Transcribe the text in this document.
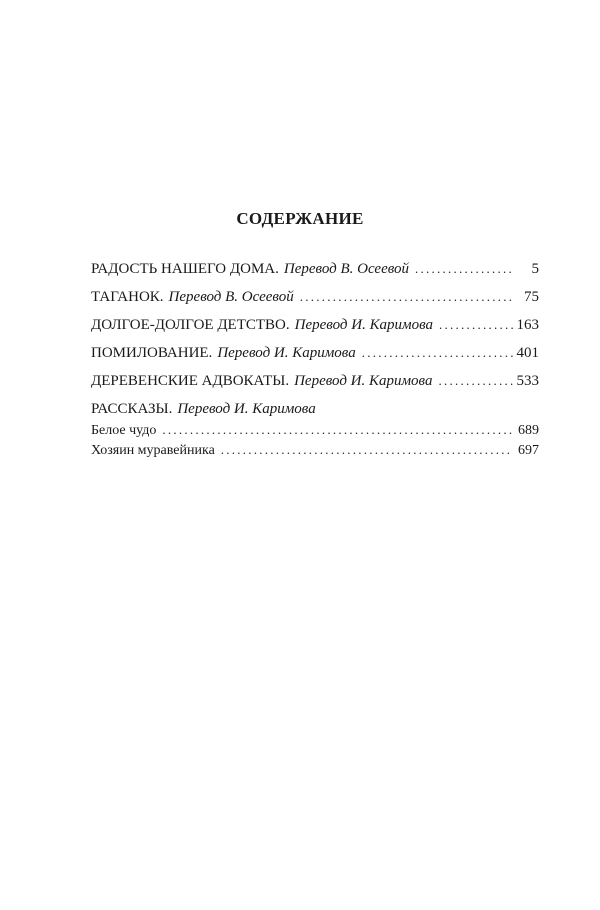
СОДЕРЖАНИЕ
РАДОСТЬ НАШЕГО ДОМА. Перевод В. Осеевой . . .	5
ТАГАНОК. Перевод В. Осеевой . . .	75
ДОЛГОЕ-ДОЛГОЕ ДЕТСТВО. Перевод И. Каримова . . .	163
ПОМИЛОВАНИЕ. Перевод И. Каримова . . .	401
ДЕРЕВЕНСКИЕ АДВОКАТЫ. Перевод И. Каримова . . .	533
РАССКАЗЫ. Перевод И. Каримова
Белое чудо . . .	689
Хозяин муравейника . . .	697
